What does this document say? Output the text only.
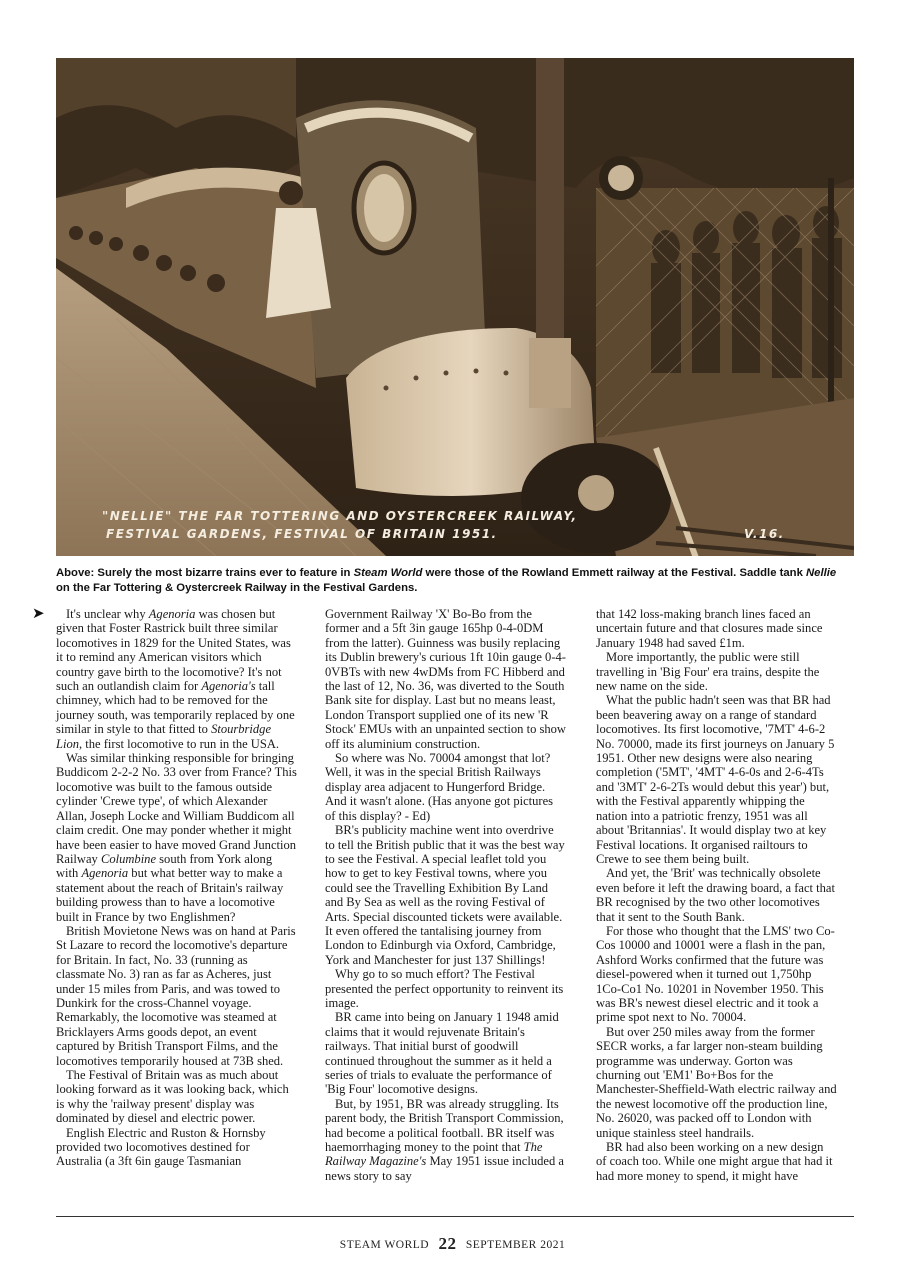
"NELLIE" THE FAR TOTTERING AND OYSTERCREEK RAILWAY,
FESTIVAL GARDENS, FESTIVAL OF BRITAIN 1951.	V.16.
Above: Surely the most bizarre trains ever to feature in Steam World were those of the Rowland Emmett railway at the Festival. Saddle tank Nellie on the Far Tottering & Oystercreek Railway in the Festival Gardens.
➤	It's unclear why Agenoria was chosen but given that Foster Rastrick built three similar locomotives in 1829 for the United States, was it to remind any American visitors which country gave birth to the locomotive? It's not such an outlandish claim for Agenoria's tall chimney, which had to be removed for the journey south, was temporarily replaced by one similar in style to that fitted to Stourbridge Lion, the first locomotive to run in the USA.

Was similar thinking responsible for bringing Buddicom 2-2-2 No. 33 over from France? This locomotive was built to the famous outside cylinder 'Crewe type', of which Alexander Allan, Joseph Locke and William Buddicom all claim credit. One may ponder whether it might have been easier to have moved Grand Junction Railway Columbine south from York along with Agenoria but what better way to make a statement about the reach of Britain's railway building prowess than to have a locomotive built in France by two Englishmen?

British Movietone News was on hand at Paris St Lazare to record the locomotive's departure for Britain. In fact, No. 33 (running as classmate No. 3) ran as far as Acheres, just under 15 miles from Paris, and was towed to Dunkirk for the cross-Channel voyage. Remarkably, the locomotive was steamed at Bricklayers Arms goods depot, an event captured by British Transport Films, and the locomotives temporarily housed at 73B shed.

The Festival of Britain was as much about looking forward as it was looking back, which is why the 'railway present' display was dominated by diesel and electric power.

English Electric and Ruston & Hornsby provided two locomotives destined for Australia (a 3ft 6in gauge Tasmanian

Government Railway 'X' Bo-Bo from the former and a 5ft 3in gauge 165hp 0-4-0DM from the latter). Guinness was busily replacing its Dublin brewery's curious 1ft 10in gauge 0-4-0VBTs with new 4wDMs from FC Hibberd and the last of 12, No. 36, was diverted to the South Bank site for display. Last but no means least, London Transport supplied one of its new 'R Stock' EMUs with an unpainted section to show off its aluminium construction.

So where was No. 70004 amongst that lot? Well, it was in the special British Railways display area adjacent to Hungerford Bridge. And it wasn't alone. (Has anyone got pictures of this display? - Ed)

BR's publicity machine went into overdrive to tell the British public that it was the best way to see the Festival. A special leaflet told you how to get to key Festival towns, where you could see the Travelling Exhibition By Land and By Sea as well as the roving Festival of Arts. Special discounted tickets were available. It even offered the tantalising journey from London to Edinburgh via Oxford, Cambridge, York and Manchester for just 137 Shillings!

Why go to so much effort? The Festival presented the perfect opportunity to reinvent its image.

BR came into being on January 1 1948 amid claims that it would rejuvenate Britain's railways. That initial burst of goodwill continued throughout the summer as it held a series of trials to evaluate the performance of 'Big Four' locomotive designs.

But, by 1951, BR was already struggling. Its parent body, the British Transport Commission, had become a political football. BR itself was haemorrhaging money to the point that The Railway Magazine's May 1951 issue included a news story to say

that 142 loss-making branch lines faced an uncertain future and that closures made since January 1948 had saved £1m.

More importantly, the public were still travelling in 'Big Four' era trains, despite the new name on the side.

What the public hadn't seen was that BR had been beavering away on a range of standard locomotives. Its first locomotive, '7MT' 4-6-2 No. 70000, made its first journeys on January 5 1951. Other new designs were also nearing completion ('5MT', '4MT' 4-6-0s and 2-6-4Ts and '3MT' 2-6-2Ts would debut this year') but, with the Festival apparently whipping the nation into a patriotic frenzy, 1951 was all about 'Britannias'. It would display two at key Festival locations. It organised railtours to Crewe to see them being built.

And yet, the 'Brit' was technically obsolete even before it left the drawing board, a fact that BR recognised by the two other locomotives that it sent to the South Bank.

For those who thought that the LMS' two Co-Cos 10000 and 10001 were a flash in the pan, Ashford Works confirmed that the future was diesel-powered when it turned out 1,750hp 1Co-Co1 No. 10201 in November 1950. This was BR's newest diesel electric and it took a prime spot next to No. 70004.

But over 250 miles away from the former SECR works, a far larger non-steam building programme was underway. Gorton was churning out 'EM1' Bo+Bos for the Manchester-Sheffield-Wath electric railway and the newest locomotive off the production line, No. 26020, was packed off to London with unique stainless steel handrails.

BR had also been working on a new design of coach too. While one might argue that had it had more money to spend, it might have

STEAM WORLD 22 SEPTEMBER 2021
